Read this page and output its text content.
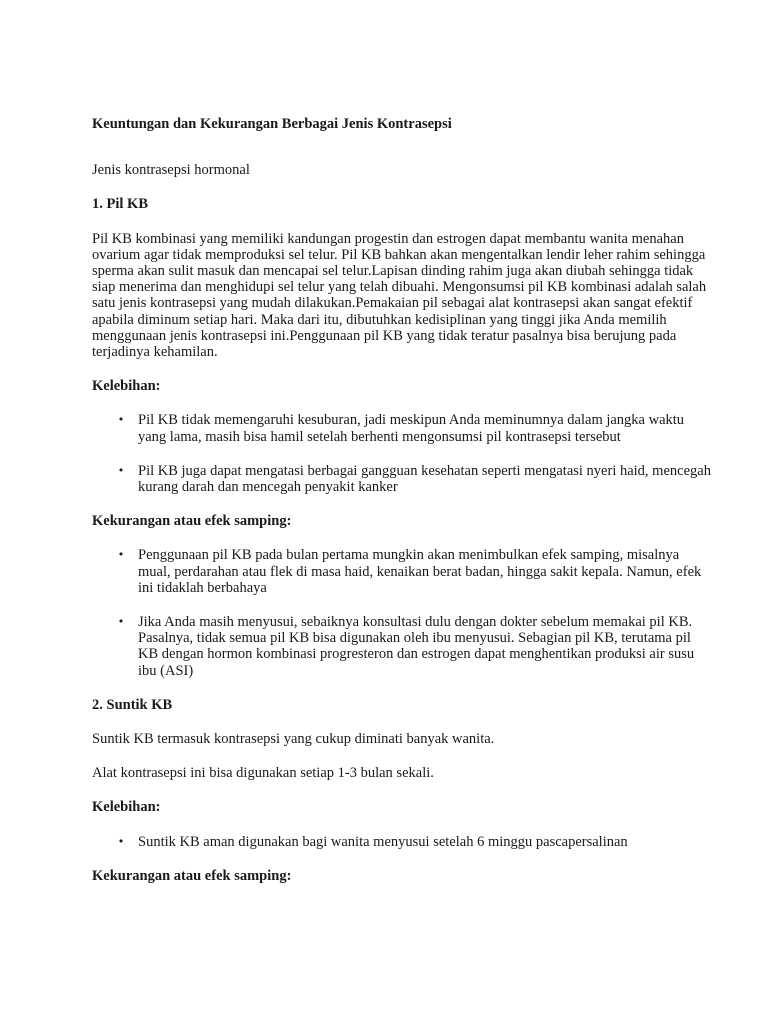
Keuntungan dan Kekurangan Berbagai Jenis Kontrasepsi

Jenis kontrasepsi hormonal

1. Pil KB

Pil KB kombinasi yang memiliki kandungan progestin dan estrogen dapat membantu wanita menahan ovarium agar tidak memproduksi sel telur. Pil KB bahkan akan mengentalkan lendir leher rahim sehingga sperma akan sulit masuk dan mencapai sel telur.Lapisan dinding rahim juga akan diubah sehingga tidak siap menerima dan menghidupi sel telur yang telah dibuahi. Mengonsumsi pil KB kombinasi adalah salah satu jenis kontrasepsi yang mudah dilakukan.Pemakaian pil sebagai alat kontrasepsi akan sangat efektif apabila diminum setiap hari. Maka dari itu, dibutuhkan kedisiplinan yang tinggi jika Anda memilih menggunaan jenis kontrasepsi ini.Penggunaan pil KB yang tidak teratur pasalnya bisa berujung pada terjadinya kehamilan.

Kelebihan:

• Pil KB tidak memengaruhi kesuburan, jadi meskipun Anda meminumnya dalam jangka waktu yang lama, masih bisa hamil setelah berhenti mengonsumsi pil kontrasepsi tersebut
• Pil KB juga dapat mengatasi berbagai gangguan kesehatan seperti mengatasi nyeri haid, mencegah kurang darah dan mencegah penyakit kanker

Kekurangan atau efek samping:

• Penggunaan pil KB pada bulan pertama mungkin akan menimbulkan efek samping, misalnya mual, perdarahan atau flek di masa haid, kenaikan berat badan, hingga sakit kepala. Namun, efek ini tidaklah berbahaya
• Jika Anda masih menyusui, sebaiknya konsultasi dulu dengan dokter sebelum memakai pil KB. Pasalnya, tidak semua pil KB bisa digunakan oleh ibu menyusui. Sebagian pil KB, terutama pil KB dengan hormon kombinasi progresteron dan estrogen dapat menghentikan produksi air susu ibu (ASI)

2. Suntik KB

Suntik KB termasuk kontrasepsi yang cukup diminati banyak wanita.

Alat kontrasepsi ini bisa digunakan setiap 1-3 bulan sekali.

Kelebihan:

• Suntik KB aman digunakan bagi wanita menyusui setelah 6 minggu pascapersalinan

Kekurangan atau efek samping:
